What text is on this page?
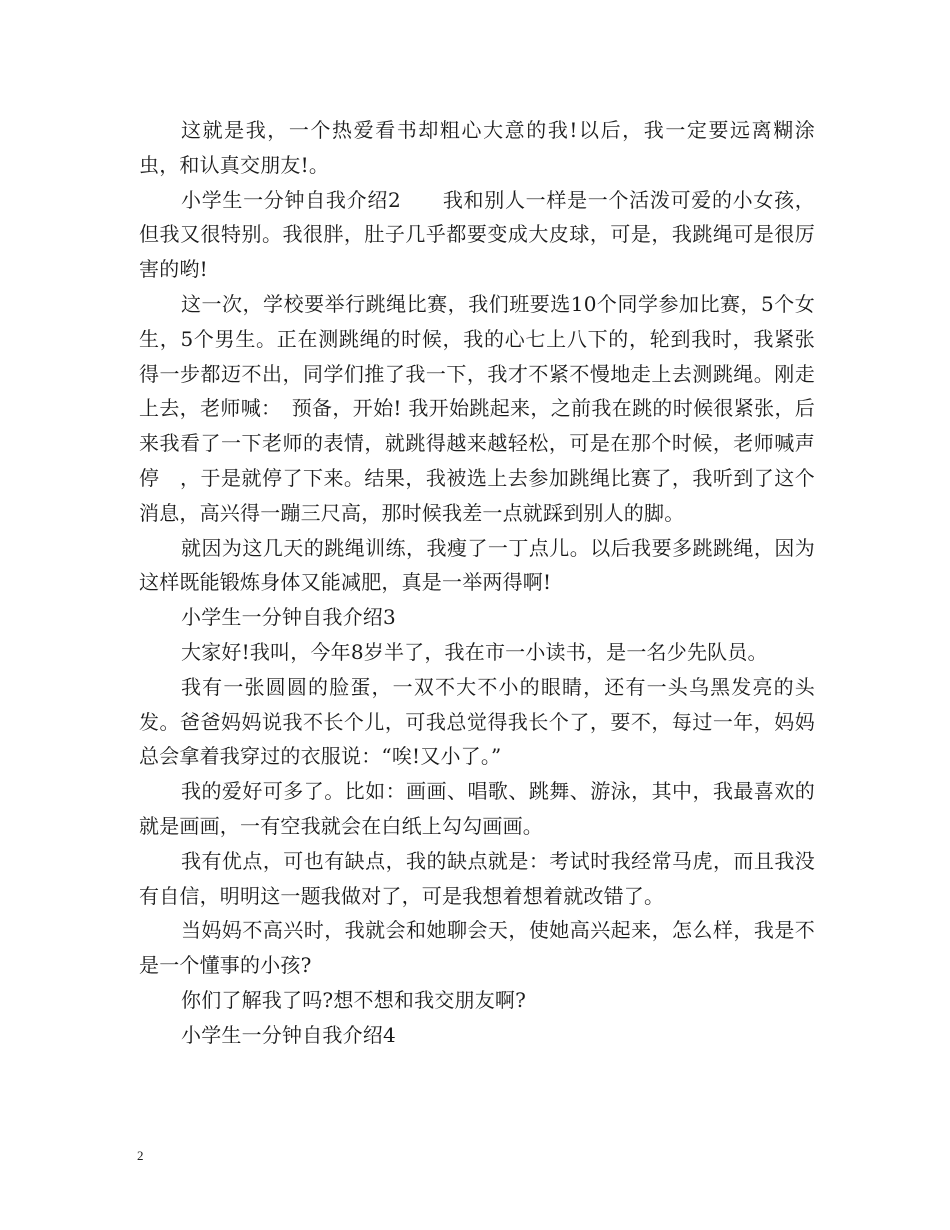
这就是我，一个热爱看书却粗心大意的我!以后，我一定要远离糊涂虫，和认真交朋友!。

小学生一分钟自我介绍2　　我和别人一样是一个活泼可爱的小女孩，但我又很特别。我很胖，肚子几乎都要变成大皮球，可是，我跳绳可是很厉害的哟!

这一次，学校要举行跳绳比赛，我们班要选10个同学参加比赛，5个女生，5个男生。正在测跳绳的时候，我的心七上八下的，轮到我时，我紧张得一步都迈不出，同学们推了我一下，我才不紧不慢地走上去测跳绳。刚走上去，老师喊：　预备，开始! 我开始跳起来，之前我在跳的时候很紧张，后来我看了一下老师的表情，就跳得越来越轻松，可是在那个时候，老师喊声　停　，于是就停了下来。结果，我被选上去参加跳绳比赛了，我听到了这个消息，高兴得一蹦三尺高，那时候我差一点就踩到别人的脚。

就因为这几天的跳绳训练，我瘦了一丁点儿。以后我要多跳跳绳，因为这样既能锻炼身体又能减肥，真是一举两得啊!

小学生一分钟自我介绍3

大家好!我叫，今年8岁半了，我在市一小读书，是一名少先队员。

我有一张圆圆的脸蛋，一双不大不小的眼睛，还有一头乌黑发亮的头发。爸爸妈妈说我不长个儿，可我总觉得我长个了，要不，每过一年，妈妈总会拿着我穿过的衣服说：“唉!又小了。”

我的爱好可多了。比如：画画、唱歌、跳舞、游泳，其中，我最喜欢的就是画画，一有空我就会在白纸上勾勾画画。

我有优点，可也有缺点，我的缺点就是：考试时我经常马虎，而且我没有自信，明明这一题我做对了，可是我想着想着就改错了。

当妈妈不高兴时，我就会和她聊会天，使她高兴起来，怎么样，我是不是一个懂事的小孩?

你们了解我了吗?想不想和我交朋友啊?

小学生一分钟自我介绍4

2
